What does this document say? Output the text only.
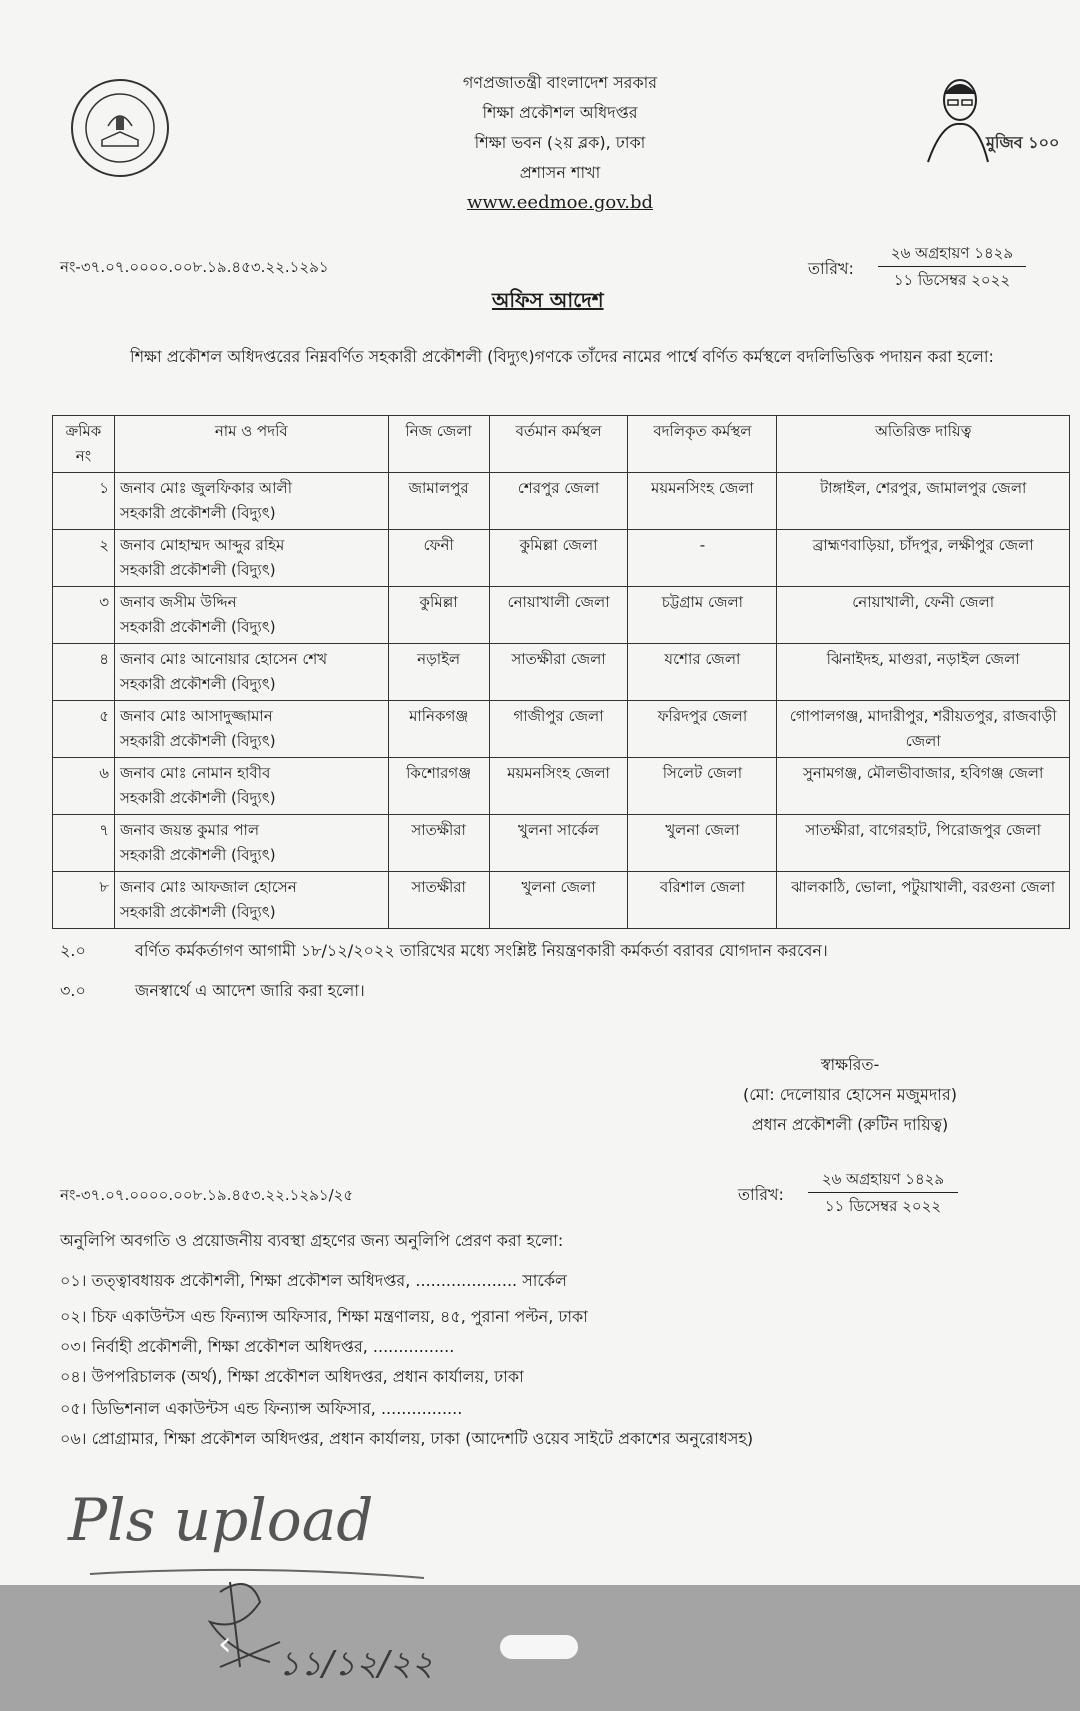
গণপ্রজাতন্ত্রী বাংলাদেশ সরকার
শিক্ষা প্রকৌশল অধিদপ্তর
শিক্ষা ভবন (২য় ব্লক), ঢাকা
প্রশাসন শাখা
www.eedmoe.gov.bd
মুজিব ১০০
নং-৩৭.০৭.০০০০.০০৮.১৯.৪৫৩.২২.১২৯১	তারিখ:
২৬ অগ্রহায়ণ ১৪২৯
১১ ডিসেম্বর ২০২২
অফিস আদেশ
শিক্ষা প্রকৌশল অধিদপ্তরের নিম্নবর্ণিত সহকারী প্রকৌশলী (বিদ্যুৎ)গণকে তাঁদের নামের পার্শ্বে বর্ণিত কর্মস্থলে বদলিভিত্তিক পদায়ন করা হলো:
ক্রমিক নং	নাম ও পদবি	নিজ জেলা	বর্তমান কর্মস্থল	বদলিকৃত কর্মস্থল	অতিরিক্ত দায়িত্ব
১	জনাব মোঃ জুলফিকার আলী
সহকারী প্রকৌশলী (বিদ্যুৎ)	জামালপুর	শেরপুর জেলা	ময়মনসিংহ জেলা	টাঙ্গাইল, শেরপুর, জামালপুর জেলা
২	জনাব মোহাম্মদ আব্দুর রহিম
সহকারী প্রকৌশলী (বিদ্যুৎ)	ফেনী	কুমিল্লা জেলা	-	ব্রাহ্মণবাড়িয়া, চাঁদপুর, লক্ষীপুর জেলা
৩	জনাব জসীম উদ্দিন
সহকারী প্রকৌশলী (বিদ্যুৎ)	কুমিল্লা	নোয়াখালী জেলা	চট্টগ্রাম জেলা	নোয়াখালী, ফেনী জেলা
৪	জনাব মোঃ আনোয়ার হোসেন শেখ
সহকারী প্রকৌশলী (বিদ্যুৎ)	নড়াইল	সাতক্ষীরা জেলা	যশোর জেলা	ঝিনাইদহ, মাগুরা, নড়াইল জেলা
৫	জনাব মোঃ আসাদুজ্জামান
সহকারী প্রকৌশলী (বিদ্যুৎ)	মানিকগঞ্জ	গাজীপুর জেলা	ফরিদপুর জেলা	গোপালগঞ্জ, মাদারীপুর, শরীয়তপুর, রাজবাড়ী জেলা
৬	জনাব মোঃ নোমান হাবীব
সহকারী প্রকৌশলী (বিদ্যুৎ)	কিশোরগঞ্জ	ময়মনসিংহ জেলা	সিলেট জেলা	সুনামগঞ্জ, মৌলভীবাজার, হবিগঞ্জ জেলা
৭	জনাব জয়ন্ত কুমার পাল
সহকারী প্রকৌশলী (বিদ্যুৎ)	সাতক্ষীরা	খুলনা সার্কেল	খুলনা জেলা	সাতক্ষীরা, বাগেরহাট, পিরোজপুর জেলা
৮	জনাব মোঃ আফজাল হোসেন
সহকারী প্রকৌশলী (বিদ্যুৎ)	সাতক্ষীরা	খুলনা জেলা	বরিশাল জেলা	ঝালকাঠি, ভোলা, পটুয়াখালী, বরগুনা জেলা
২.০	বর্ণিত কর্মকর্তাগণ আগামী ১৮/১২/২০২২ তারিখের মধ্যে সংশ্লিষ্ট নিয়ন্ত্রণকারী কর্মকর্তা বরাবর যোগদান করবেন।
৩.০	জনস্বার্থে এ আদেশ জারি করা হলো।
স্বাক্ষরিত-
(মো: দেলোয়ার হোসেন মজুমদার)
প্রধান প্রকৌশলী (রুটিন দায়িত্ব)
নং-৩৭.০৭.০০০০.০০৮.১৯.৪৫৩.২২.১২৯১/২৫	তারিখ:
২৬ অগ্রহায়ণ ১৪২৯
১১ ডিসেম্বর ২০২২
অনুলিপি অবগতি ও প্রয়োজনীয় ব্যবস্থা গ্রহণের জন্য অনুলিপি প্রেরণ করা হলো:
০১। তত্ত্বাবধায়ক প্রকৌশলী, শিক্ষা প্রকৌশল অধিদপ্তর, .................... সার্কেল
০২। চিফ একাউন্টস এন্ড ফিন্যান্স অফিসার, শিক্ষা মন্ত্রণালয়, ৪৫, পুরানা পল্টন, ঢাকা
০৩। নির্বাহী প্রকৌশলী, শিক্ষা প্রকৌশল অধিদপ্তর, ................
০৪। উপপরিচালক (অর্থ), শিক্ষা প্রকৌশল অধিদপ্তর, প্রধান কার্যালয়, ঢাকা
০৫। ডিভিশনাল একাউন্টস এন্ড ফিন্যান্স অফিসার, ................
০৬। প্রোগ্রামার, শিক্ষা প্রকৌশল অধিদপ্তর, প্রধান কার্যালয়, ঢাকা (আদেশটি ওয়েব সাইটে প্রকাশের অনুরোধসহ)
Pls upload
১১/১২/২২
‹
